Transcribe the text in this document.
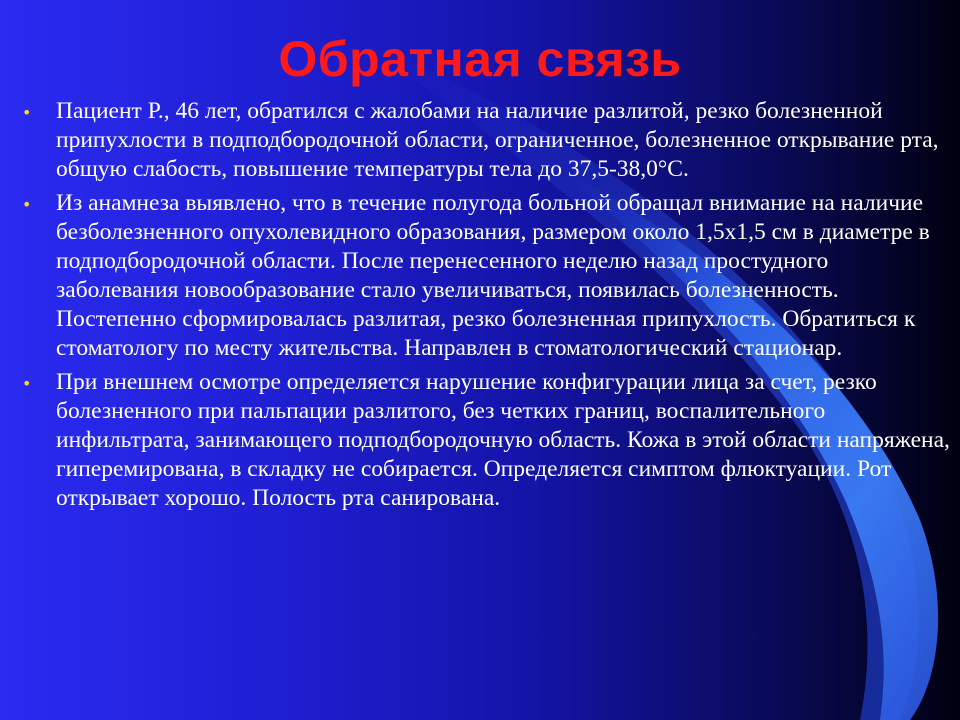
Обратная связь
• Пациент Р., 46 лет, обратился с жалобами на наличие разлитой, резко болезненной припухлости в подподбородочной области, ограниченное, болезненное открывание рта, общую слабость, повышение температуры тела до 37,5-38,0°С.
• Из анамнеза выявлено, что в течение полугода больной обращал внимание на наличие безболезненного опухолевидного образования, размером около 1,5х1,5 см в диаметре в подподбородочной области. После перенесенного неделю назад простудного заболевания новообразование стало увеличиваться, появилась болезненность. Постепенно сформировалась разлитая, резко болезненная припухлость. Обратиться к стоматологу по месту жительства. Направлен в стоматологический стационар.
• При внешнем осмотре определяется нарушение конфигурации лица за счет, резко болезненного при пальпации разлитого, без четких границ, воспалительного инфильтрата, занимающего подподбородочную область. Кожа в этой области напряжена, гиперемирована, в складку не собирается. Определяется симптом флюктуации. Рот открывает хорошо. Полость рта санирована.
